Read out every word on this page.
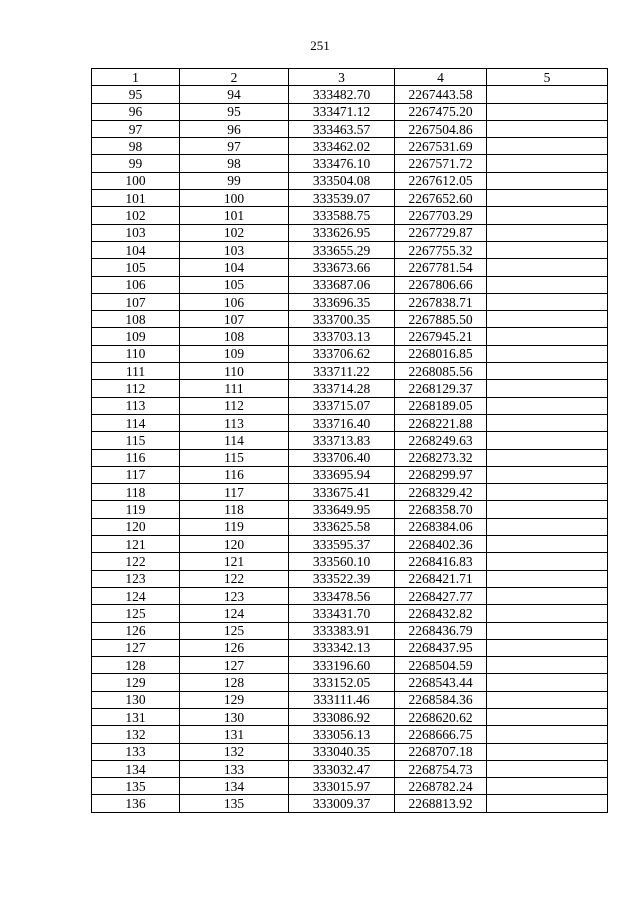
251
1	2	3	4	5
95	94	333482.70	2267443.58	
96	95	333471.12	2267475.20	
97	96	333463.57	2267504.86	
98	97	333462.02	2267531.69	
99	98	333476.10	2267571.72	
100	99	333504.08	2267612.05	
101	100	333539.07	2267652.60	
102	101	333588.75	2267703.29	
103	102	333626.95	2267729.87	
104	103	333655.29	2267755.32	
105	104	333673.66	2267781.54	
106	105	333687.06	2267806.66	
107	106	333696.35	2267838.71	
108	107	333700.35	2267885.50	
109	108	333703.13	2267945.21	
110	109	333706.62	2268016.85	
111	110	333711.22	2268085.56	
112	111	333714.28	2268129.37	
113	112	333715.07	2268189.05	
114	113	333716.40	2268221.88	
115	114	333713.83	2268249.63	
116	115	333706.40	2268273.32	
117	116	333695.94	2268299.97	
118	117	333675.41	2268329.42	
119	118	333649.95	2268358.70	
120	119	333625.58	2268384.06	
121	120	333595.37	2268402.36	
122	121	333560.10	2268416.83	
123	122	333522.39	2268421.71	
124	123	333478.56	2268427.77	
125	124	333431.70	2268432.82	
126	125	333383.91	2268436.79	
127	126	333342.13	2268437.95	
128	127	333196.60	2268504.59	
129	128	333152.05	2268543.44	
130	129	333111.46	2268584.36	
131	130	333086.92	2268620.62	
132	131	333056.13	2268666.75	
133	132	333040.35	2268707.18	
134	133	333032.47	2268754.73	
135	134	333015.97	2268782.24	
136	135	333009.37	2268813.92	
